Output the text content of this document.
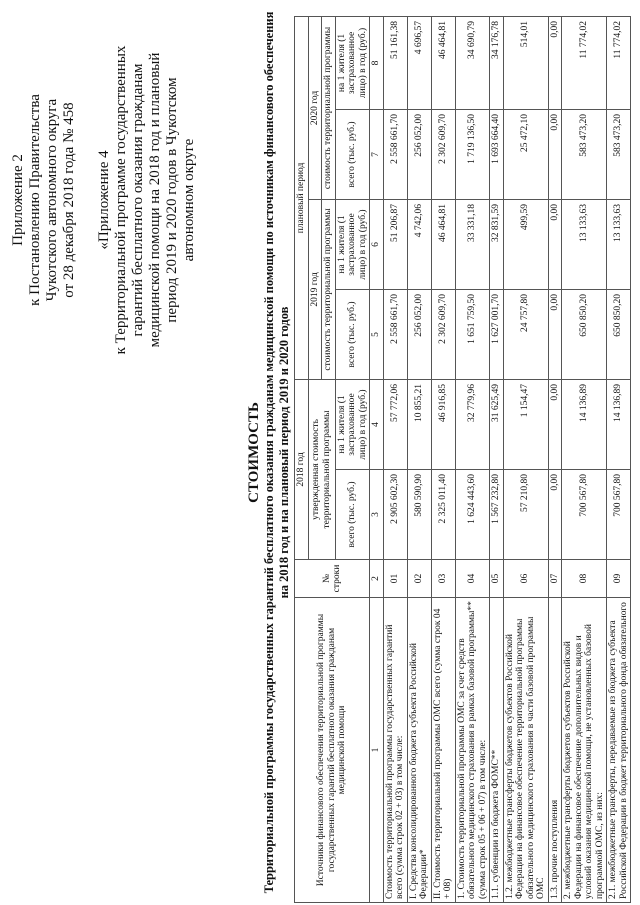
Приложение 2 к Постановлению Правительства Чукотского автономного округа от 28 декабря 2018 года № 458 «Приложение 4 к Территориальной программе государственных гарантий бесплатного оказания гражданам медицинской помощи на 2018 год и плановый период 2019 и 2020 годов в Чукотском автономном округе
СТОИМОСТЬ Территориальной программы государственных гарантий бесплатного оказания гражданам медицинской помощи по источникам финансового обеспечения на 2018 год и на плановый период 2019 и 2020 годов
Источники финансового обеспечения территориальной программы государственных гарантий бесплатного оказания гражданам медицинской помощи	№ строки	2018 год		плановый период			
		утвержденная стоимость территориальной программы		2019 год		2020 год	
				стоимость территориальной программы		стоимость территориальной программы	
		всего (тыс. руб.)	на 1 жителя (1 застрахованное лицо) в год (руб.)	всего (тыс. руб.)	на 1 жителя (1 застрахованное лицо) в год (руб.)	всего (тыс. руб.)	на 1 жителя (1 застрахованное лицо) в год (руб.)
1	2	3	4	5	6	7	8
Стоимость территориальной программы государственных гарантий всего (сумма строк 02 + 03) в том числе:	01	2 905 602,30	57 772,06	2 558 661,70	51 206,87	2 558 661,70	51 161,38
I. Средства консолидированного бюджета субъекта Российской Федерации*	02	580 590,90	10 855,21	256 052,00	4 742,06	256 052,00	4 696,57
II. Стоимость территориальной программы ОМС всего (сумма строк 04 + 08)	03	2 325 011,40	46 916,85	2 302 609,70	46 464,81	2 302 609,70	46 464,81
1. Стоимость территориальной программы ОМС за счет средств обязательного медицинского страхования в рамках базовой программы** (сумма строк 05 + 06 + 07) в том числе:	04	1 624 443,60	32 779,96	1 651 759,50	33 331,18	1 719 136,50	34 690,79
1.1. субвенции из бюджета ФОМС**	05	1 567 232,80	31 625,49	1 627 001,70	32 831,59	1 693 664,40	34 176,78
1.2. межбюджетные трансферты бюджетов субъектов Российской Федерации на финансовое обеспечение территориальной программы обязательного медицинского страхования в части базовой программы ОМС	06	57 210,80	1 154,47	24 757,80	499,59	25 472,10	514,01
1.3. прочие поступления	07	0,00	0,00	0,00	0,00	0,00	0,00
2. межбюджетные трансферты бюджетов субъектов Российской Федерации на финансовое обеспечение дополнительных видов и условий оказания медицинской помощи, не установленных базовой программой ОМС, из них:	08	700 567,80	14 136,89	650 850,20	13 133,63	583 473,20	11 774,02
2.1. межбюджетные трансферты, передаваемые из бюджета субъекта Российской Федерации в бюджет территориального фонда обязательного	09	700 567,80	14 136,89	650 850,20	13 133,63	583 473,20	11 774,02
